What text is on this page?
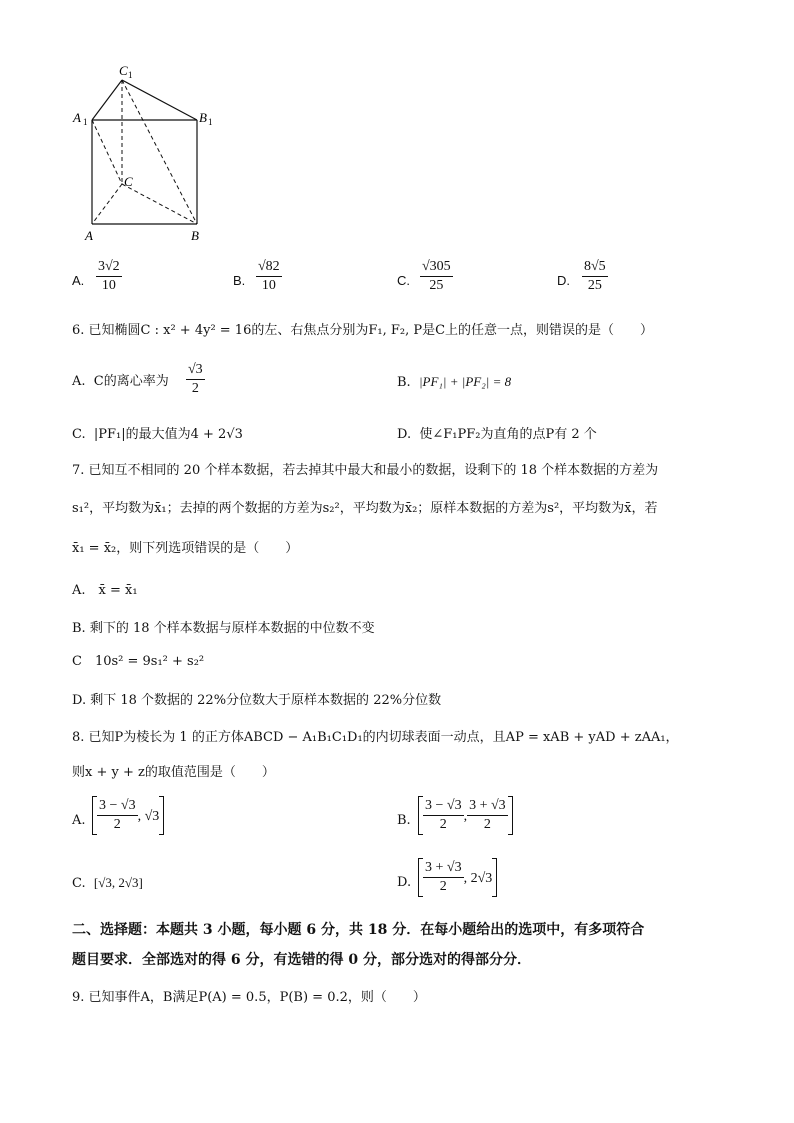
C 1
A 1	B 1
C
A	B
A. $\frac{3√2}{10}$	B. $\frac{√82}{10}$	C. $\frac{√305}{25}$	D. $\frac{8√5}{25}$
6. 已知椭圆C : x² + 4y² = 16的左、右焦点分别为F₁, F₂, P是C上的任意一点，则错误的是（　　）
A. C的离心率为 $\frac{√3}{2}$	B. |PF₁| + |PF₂| = 8
C. |PF₁|的最大值为4 + 2√3	D. 使∠F₁PF₂为直角的点P有 2 个
7. 已知互不相同的 20 个样本数据，若去掉其中最大和最小的数据，设剩下的 18 个样本数据的方差为
s₁²，平均数为x̄₁；去掉的两个数据的方差为s₂²，平均数为x̄₂；原样本数据的方差为s²，平均数为x̄，若
x̄₁ = x̄₂，则下列选项错误的是（　　）
A.　x̄ = x̄₁
B. 剩下的 18 个样本数据与原样本数据的中位数不变
C　10s² = 9s₁² + s₂²
D. 剩下 18 个数据的 22%分位数大于原样本数据的 22%分位数
8. 已知P为棱长为 1 的正方体ABCD − A₁B₁C₁D₁的内切球表面一动点，且AP = xAB + yAD + zAA₁，
则x + y + z的取值范围是（　　）
A. $\frac{3 - √3}{2}$ , √3	B. $\frac{3 - √3}{2}$ , $\frac{3 + √3}{2}$
C. [√3, 2√3]	D. $\frac{3 + √3}{2}$ , 2√3
二、选择题：本题共 3 小题，每小题 6 分，共 18 分．在每小题给出的选项中，有多项符合
题目要求．全部选对的得 6 分，有选错的得 0 分，部分选对的得部分分．
9. 已知事件A，B满足P(A) = 0.5，P(B) = 0.2，则（　　）
